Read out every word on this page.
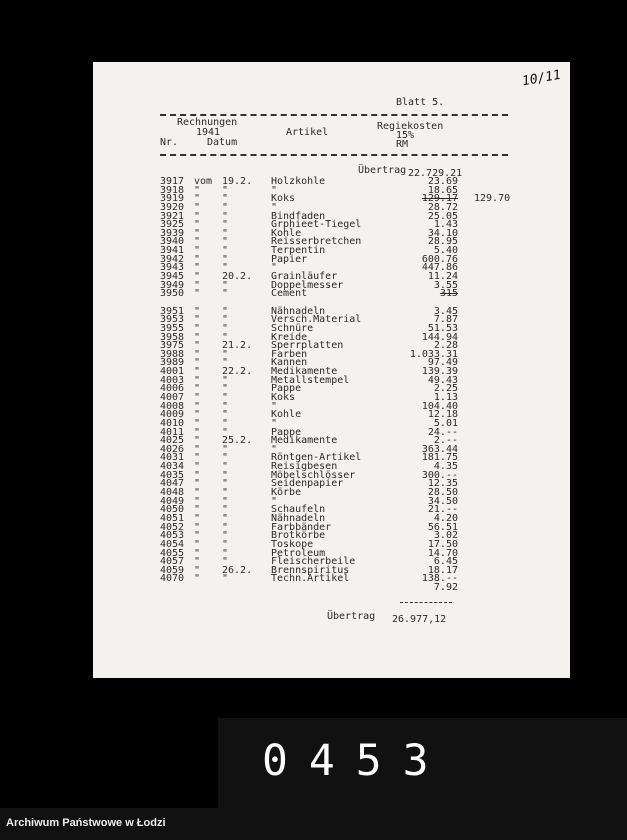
Blatt 5.
10/11
Rechnungen
1941
Nr.	Datum
Artikel
Regiekosten
15%
RM
Übertrag 22.729.21
3917 vom 19.2. Holzkohle	23.69
3918 " "	"	18.65
3919 " "	Koks	129.17 129.70
3920 " "	"	28.72
3921 " "	Bindfaden	25.05
3925 " "	Grphieet-Tiegel	1.43
3939 " "	Kohle	34.10
3940 " "	Reisserbretchen	28.95
3941 " "	Terpentin	5.40
3942 " "	Papier	600.76
3943 " "	"	447.86
3945 " 20.2. Grainläufer	11.24
3949 " "	Doppelmesser	3.55
3950 " "	Cement	315
3951 " "	Nähnadeln	3.45
3953 " "	Versch.Material	7.87
3955 " "	Schnüre	51.53
3958 " "	Kreide	144.94
3975 " 21.2. Sperrplatten	2.28
3988 " "	Farben	1.033.31
3989 " "	Kannen	97.49
4001 " 22.2. Medikamente	139.39
4003 " "	Metallstempel	49.43
4006 " "	Pappe	2.25
4007 " "	Koks	1.13
4008 " "	"	104.40
4009 " "	Kohle	12.18
4010 " "	"	5.01
4011 " "	Pappe	24.--
4025 " 25.2. Medikamente	2.--
4026 " "	"	363.44
4031 " "	Röntgen-Artikel	181.75
4034 " "	Reisigbesen	4.35
4035 " "	Möbelschlösser	300.--
4047 " "	Seidenpapier	12.35
4048 " "	Körbe	28.50
4049 " "	"	34.50
4050 " "	Schaufeln	21.--
4051 " "	Nähnadeln	4.20
4052 " "	Farbbänder	56.51
4053 " "	Brotkörbe	3.02
4054 " "	Toskope	17.50
4055 " "	Petroleum	14.70
4057 " "	Fleischerbeile	6.45
4059 " 26.2. Brennspiritus	18.17
4070 " "	Techn.Artikel	138.--
7.92
Übertrag 26.977,12
0453
Archiwum Państwowe w Łodzi
